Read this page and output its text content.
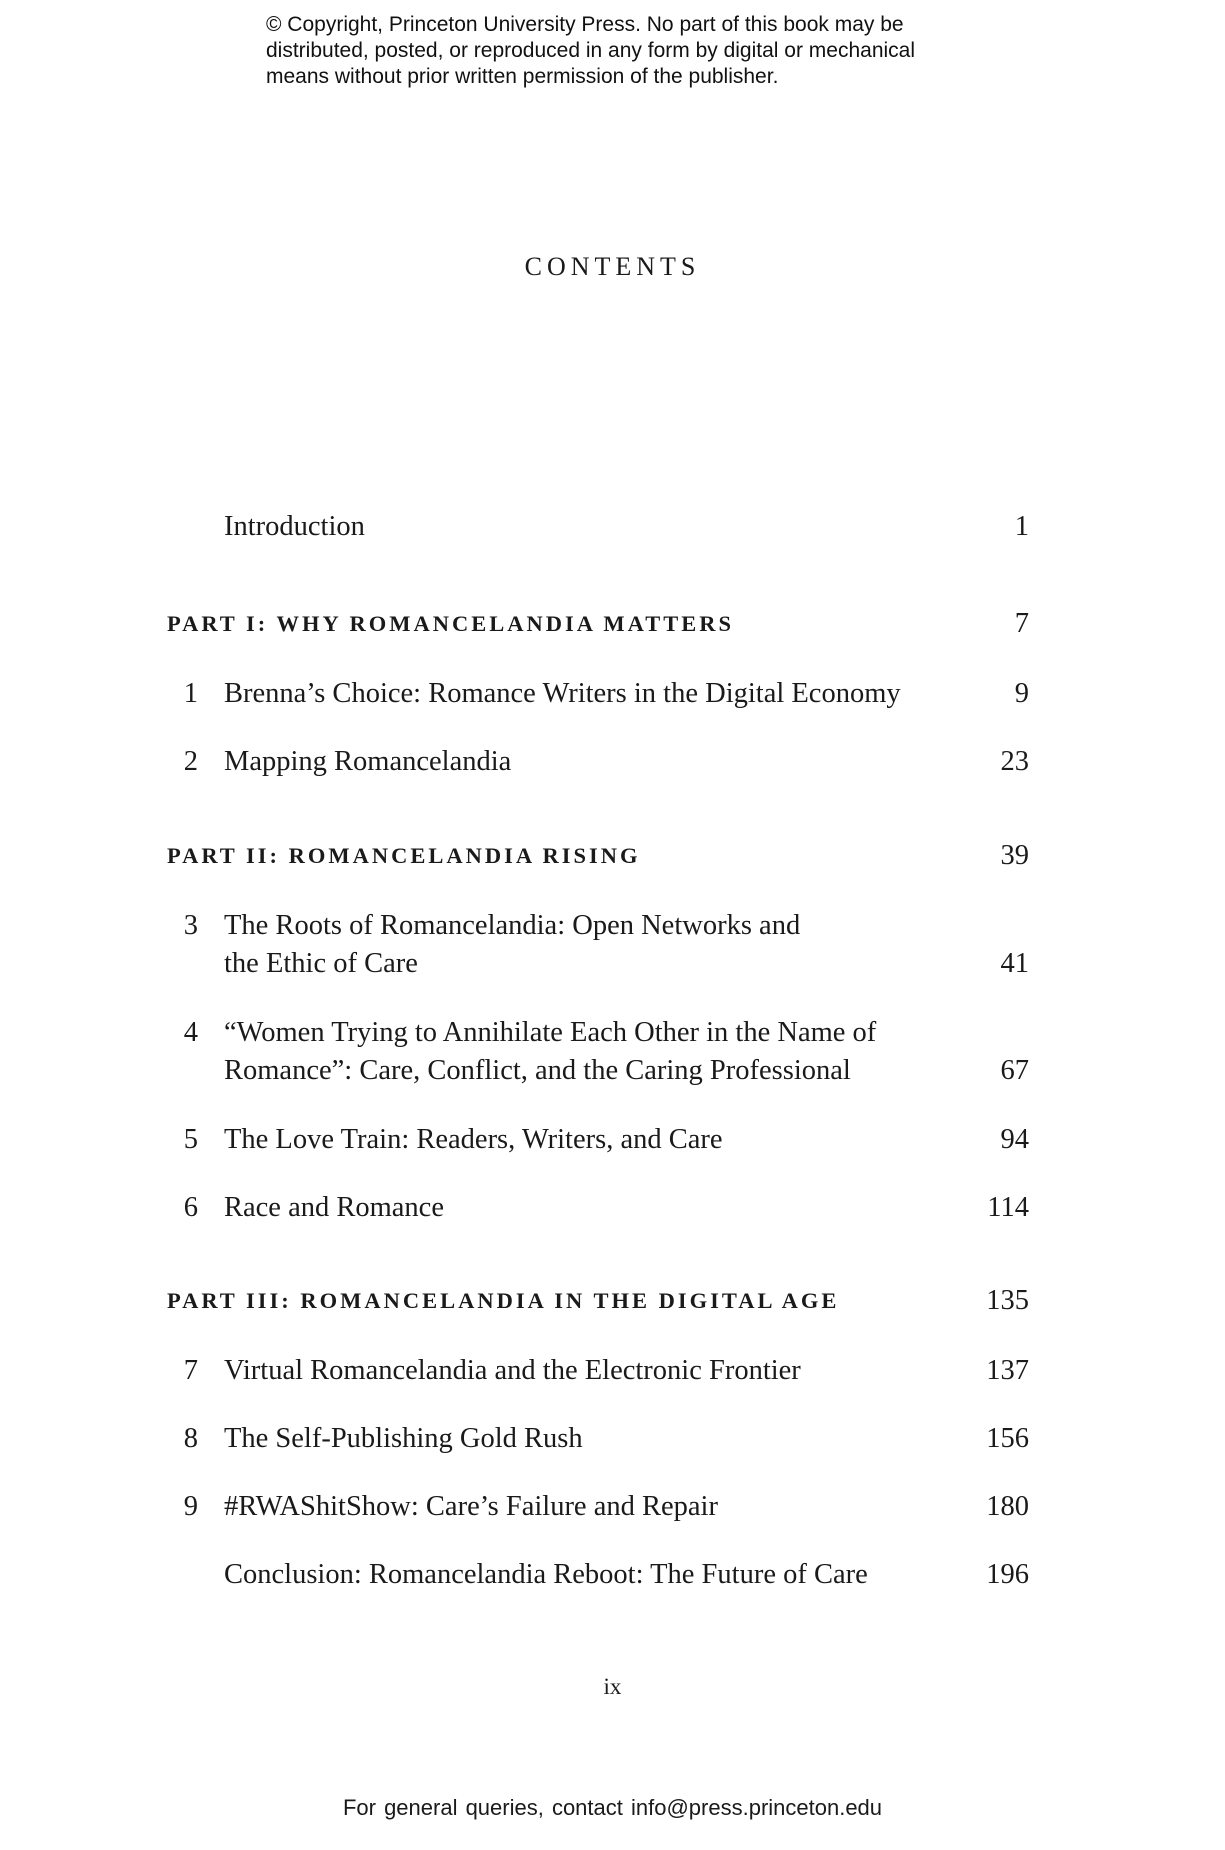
© Copyright, Princeton University Press. No part of this book may be
distributed, posted, or reproduced in any form by digital or mechanical
means without prior written permission of the publisher.
CONTENTS
Introduction	1
PART I: WHY ROMANCELANDIA MATTERS	7
1 Brenna’s Choice: Romance Writers in the Digital Economy	9
2 Mapping Romancelandia	23
PART II: ROMANCELANDIA RISING	39
3 The Roots of Romancelandia: Open Networks and
the Ethic of Care	41
4 “Women Trying to Annihilate Each Other in the Name of
Romance”: Care, Conflict, and the Caring Professional	67
5 The Love Train: Readers, Writers, and Care	94
6 Race and Romance	114
PART III: ROMANCELANDIA IN THE DIGITAL AGE	135
7 Virtual Romancelandia and the Electronic Frontier	137
8 The Self-Publishing Gold Rush	156
9 #RWAShitShow: Care’s Failure and Repair	180
Conclusion: Romancelandia Reboot: The Future of Care	196
ix
For general queries, contact info@press.princeton.edu
